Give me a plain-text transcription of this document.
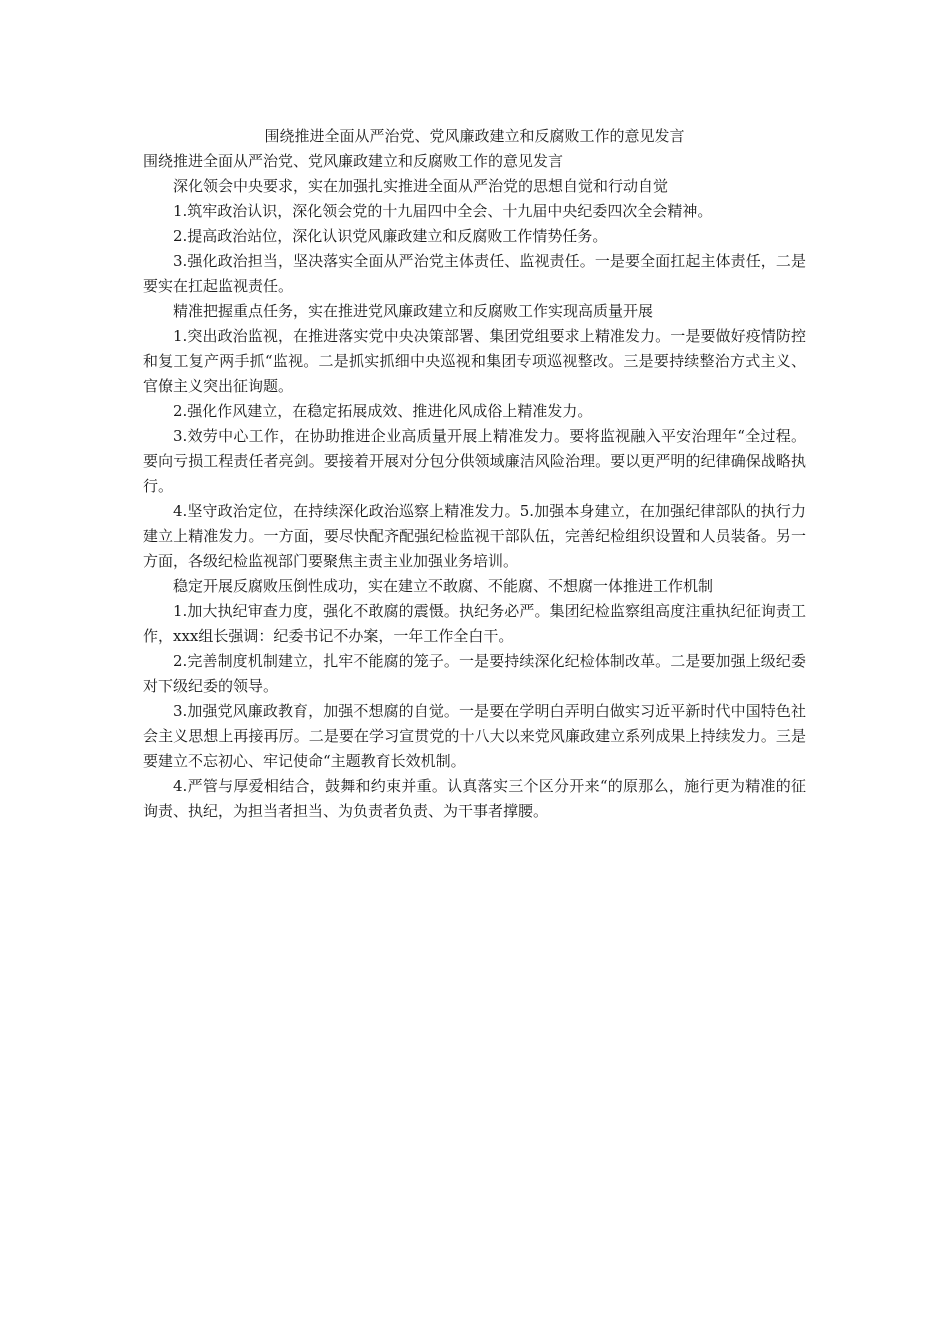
围绕推进全面从严治党、党风廉政建立和反腐败工作的意见发言

围绕推进全面从严治党、党风廉政建立和反腐败工作的意见发言

深化领会中央要求，实在加强扎实推进全面从严治党的思想自觉和行动自觉

1.筑牢政治认识，深化领会党的十九届四中全会、十九届中央纪委四次全会精神。

2.提高政治站位，深化认识党风廉政建立和反腐败工作情势任务。

3.强化政治担当，坚决落实全面从严治党主体责任、监视责任。一是要全面扛起主体责任，二是要实在扛起监视责任。

精准把握重点任务，实在推进党风廉政建立和反腐败工作实现高质量开展

1.突出政治监视，在推进落实党中央决策部署、集团党组要求上精准发力。一是要做好疫情防控和复工复产两手抓“监视。二是抓实抓细中央巡视和集团专项巡视整改。三是要持续整治方式主义、官僚主义突出征询题。

2.强化作风建立，在稳定拓展成效、推进化风成俗上精准发力。

3.效劳中心工作，在协助推进企业高质量开展上精准发力。要将监视融入平安治理年“全过程。要向亏损工程责任者亮剑。要接着开展对分包分供领域廉洁风险治理。要以更严明的纪律确保战略执行。

4.坚守政治定位，在持续深化政治巡察上精准发力。5.加强本身建立，在加强纪律部队的执行力建立上精准发力。一方面，要尽快配齐配强纪检监视干部队伍，完善纪检组织设置和人员装备。另一方面，各级纪检监视部门要聚焦主责主业加强业务培训。

稳定开展反腐败压倒性成功，实在建立不敢腐、不能腐、不想腐一体推进工作机制

1.加大执纪审查力度，强化不敢腐的震慑。执纪务必严。集团纪检监察组高度注重执纪征询责工作，xxx组长强调：纪委书记不办案，一年工作全白干。

2.完善制度机制建立，扎牢不能腐的笼子。一是要持续深化纪检体制改革。二是要加强上级纪委对下级纪委的领导。

3.加强党风廉政教育，加强不想腐的自觉。一是要在学明白弄明白做实习近平新时代中国特色社会主义思想上再接再厉。二是要在学习宣贯党的十八大以来党风廉政建立系列成果上持续发力。三是要建立不忘初心、牢记使命“主题教育长效机制。

4.严管与厚爱相结合，鼓舞和约束并重。认真落实三个区分开来“的原那么，施行更为精准的征询责、执纪，为担当者担当、为负责者负责、为干事者撑腰。
